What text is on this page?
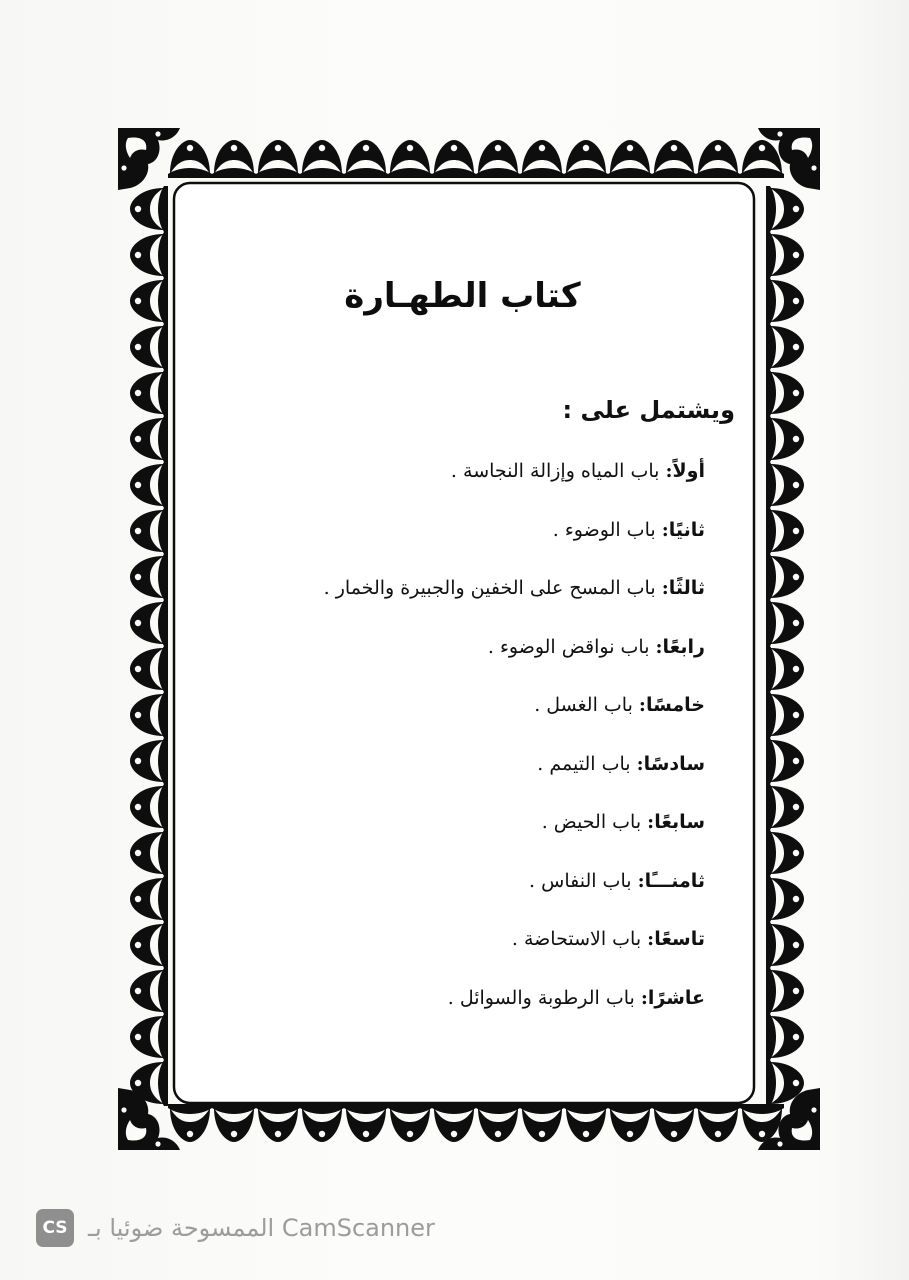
كتاب الطهـارة
ويشتمل على :
أولاً: باب المياه وإزالة النجاسة .
ثانيًا: باب الوضوء .
ثالثًا: باب المسح على الخفين والجبيرة والخمار .
رابعًا: باب نواقض الوضوء .
خامسًا: باب الغسل .
سادسًا: باب التيمم .
سابعًا: باب الحيض .
ثامنـــًا: باب النفاس .
تاسعًا: باب الاستحاضة .
عاشرًا: باب الرطوبة والسوائل .
CS الممسوحة ضوئيا بـ CamScanner
